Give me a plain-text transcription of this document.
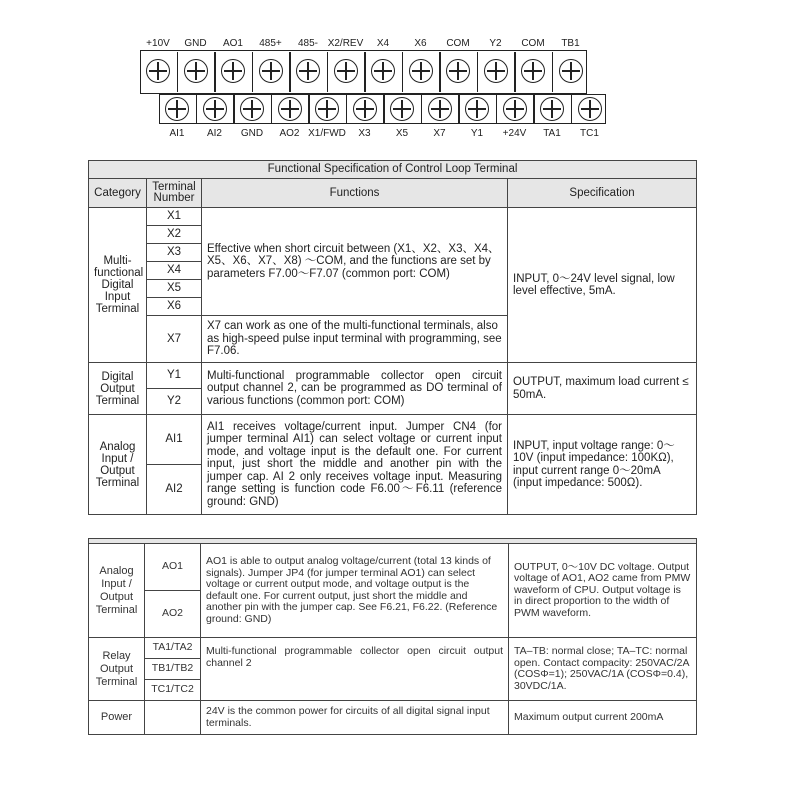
+10V	GND	AO1	485+	485- X2/REV	X4	X6	COM	Y2	COM	TB1
AI1	AI2	GND	AO2 X1/FWD	X3	X5	X7	Y1	+24V	TA1	TC1
Functional Specification of Control Loop Terminal			
Category	Terminal Number	Functions	Specification
Multi-functional Digital Input Terminal	X1	Effective when short circuit between (X1、X2、X3、X4、X5、X6、X7、X8) ～COM, and the functions are set by parameters F7.00～F7.07 (common port: COM)	INPUT, 0～24V level signal, low level effective, 5mA.
	X2		
	X3		
	X4		
	X5		
	X6		
	X7	X7 can work as one of the multi-functional terminals, also as high-speed pulse input terminal with programming, see F7.06.	
Digital Output Terminal	Y1	Multi-functional programmable collector open circuit output channel 2, can be programmed as DO terminal of various functions (common port: COM)	OUTPUT, maximum load current ≤ 50mA.
	Y2		
Analog Input / Output Terminal	AI1	AI1 receives voltage/current input. Jumper CN4 (for jumper terminal AI1) can select voltage or current input mode, and voltage input is the default one. For current input, just short the middle and another pin with the jumper cap. AI 2 only receives voltage input. Measuring range setting is function code F6.00～F6.11 (reference ground: GND)	INPUT, input voltage range: 0～10V (input impedance: 100KΩ), input current range 0～20mA (input impedance: 500Ω).
	AI2		

Analog Input / Output Terminal	AO1	AO1 is able to output analog voltage/current (total 13 kinds of signals). Jumper JP4 (for jumper terminal AO1) can select voltage or current output mode, and voltage output is the default one. For current output, just short the middle and another pin with the jumper cap. See F6.21, F6.22. (Reference ground: GND)	OUTPUT, 0～10V DC voltage. Output voltage of AO1, AO2 came from PMW waveform of CPU. Output voltage is in direct proportion to the width of PWM waveform.
	AO2		
Relay Output Terminal	TA1/TA2	Multi-functional programmable collector open circuit output channel 2	TA–TB: normal close; TA–TC: normal open. Contact compacity: 250VAC/2A (COSΦ=1); 250VAC/1A (COSΦ=0.4), 30VDC/1A.
	TB1/TB2		
	TC1/TC2		
Power		24V is the common power for circuits of all digital signal input terminals.	Maximum output current 200mA
